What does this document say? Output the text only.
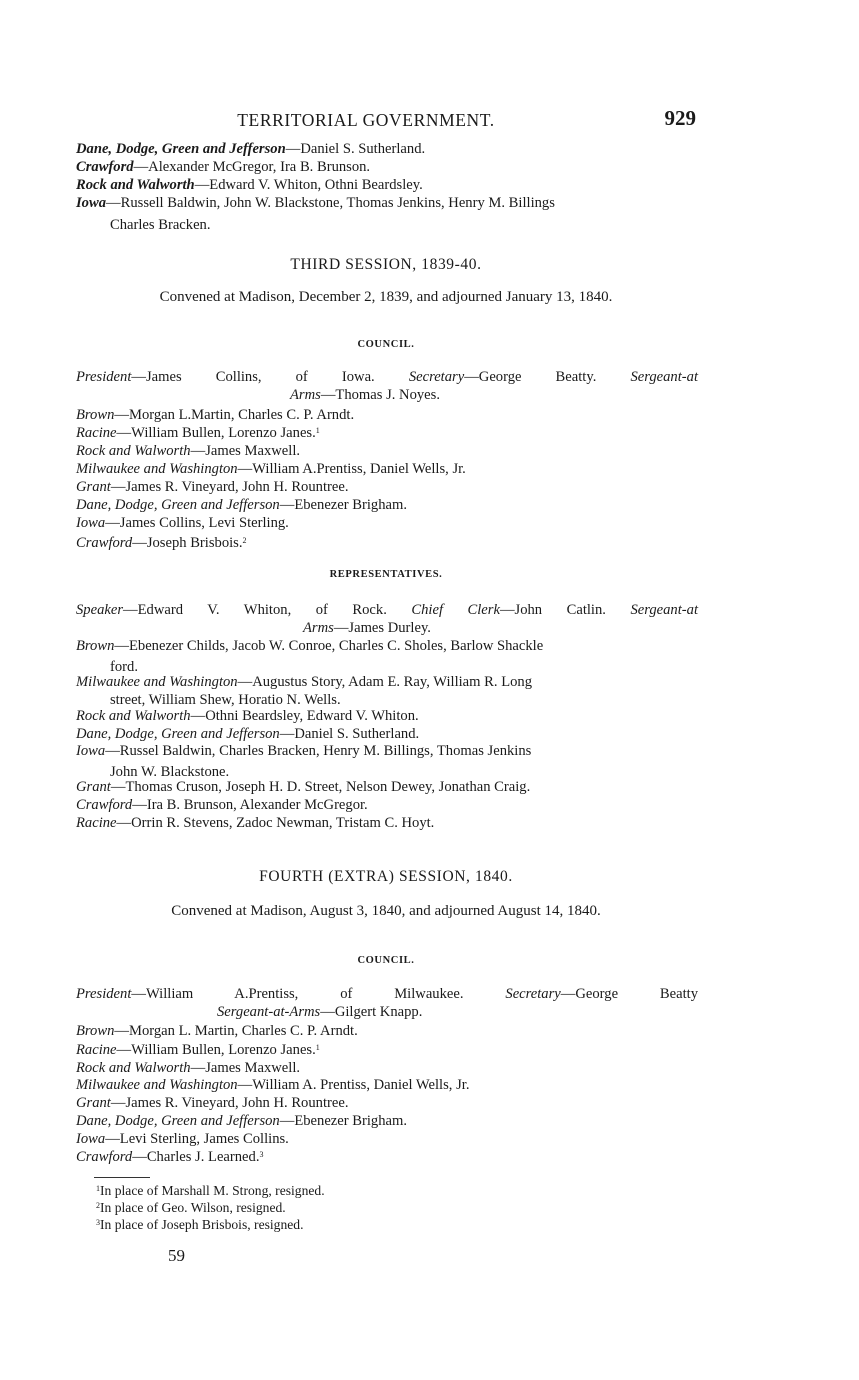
TERRITORIAL GOVERNMENT.	929
Dane, Dodge, Green and Jefferson—Daniel S. Sutherland.
Crawford—Alexander McGregor, Ira B. Brunson.
Rock and Walworth—Edward V. Whiton, Othni Beardsley.
Iowa—Russell Baldwin, John W. Blackstone, Thomas Jenkins, Henry M. Billings
Charles Bracken.
THIRD SESSION, 1839-40.
Convened at Madison, December 2, 1839, and adjourned January 13, 1840.
COUNCIL.
President—James Collins, of Iowa. Secretary—George Beatty. Sergeant-at
Arms—Thomas J. Noyes.
Brown—Morgan L.Martin, Charles C. P. Arndt.
Racine—William Bullen, Lorenzo Janes.$^1$
Rock and Walworth—James Maxwell.
Milwaukee and Washington—William A.Prentiss, Daniel Wells, Jr.
Grant—James R. Vineyard, John H. Rountree.
Dane, Dodge, Green and Jefferson—Ebenezer Brigham.
Iowa—James Collins, Levi Sterling.
Crawford—Joseph Brisbois.$^2$
REPRESENTATIVES.
Speaker—Edward V. Whiton, of Rock. Chief Clerk—John Catlin. Sergeant-at
Arms—James Durley.
Brown—Ebenezer Childs, Jacob W. Conroe, Charles C. Sholes, Barlow Shackle
ford.
Milwaukee and Washington—Augustus Story, Adam E. Ray, William R. Long
street, William Shew, Horatio N. Wells.
Rock and Walworth—Othni Beardsley, Edward V. Whiton.
Dane, Dodge, Green and Jefferson—Daniel S. Sutherland.
Iowa—Russel Baldwin, Charles Bracken, Henry M. Billings, Thomas Jenkins
John W. Blackstone.
Grant—Thomas Cruson, Joseph H. D. Street, Nelson Dewey, Jonathan Craig.
Crawford—Ira B. Brunson, Alexander McGregor.
Racine—Orrin R. Stevens, Zadoc Newman, Tristam C. Hoyt.
FOURTH (EXTRA) SESSION, 1840.
Convened at Madison, August 3, 1840, and adjourned August 14, 1840.
COUNCIL.
President—William A.Prentiss, of Milwaukee.	Secretary—George Beatty
Sergeant-at-Arms—Gilgert Knapp.
Brown—Morgan L. Martin, Charles C. P. Arndt.
Racine—William Bullen, Lorenzo Janes.$^1$
Rock and Walworth—James Maxwell.
Milwaukee and Washington—William A. Prentiss, Daniel Wells, Jr.
Grant—James R. Vineyard, John H. Rountree.
Dane, Dodge, Green and Jefferson—Ebenezer Brigham.
Iowa—Levi Sterling, James Collins.
Crawford—Charles J. Learned.$^3$
$^1$In place of Marshall M. Strong, resigned.
$^2$In place of Geo. Wilson, resigned.
$^3$In place of Joseph Brisbois, resigned.
59
